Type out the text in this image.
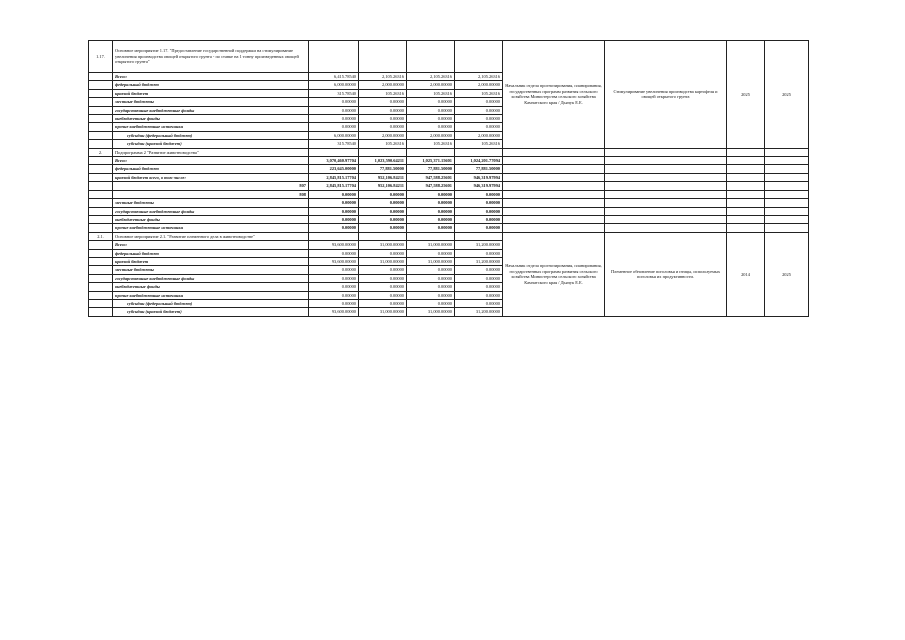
1.17.	Основное мероприятие 1.17. "Предоставление государственной поддержки на стимулирование увеличения производства овощей открытого грунта - по ставке на 1 тонну произведенных овощей открытого грунта"					Начальник отдела прогнозирования, планирования, государственных программ развития сельского хозяйства Министерства сельского хозяйства Камчатского края / Дьячук Е.Е.	Стимулирование увеличения производства картофеля и овощей открытого грунта	2025	2025
	Всего:	6,415.78540	2,105.26316	2,105.26316	2,105.26316				
	федеральный бюджет	6,000.00000	2,000.00000	2,000.00000	2,000.00000				
	краевой бюджет	315.78540	105.26316	105.26316	105.26316				
	местные бюджеты	0.00000	0.00000	0.00000	0.00000				
	государственные внебюджетные фонды	0.00000	0.00000	0.00000	0.00000				
	внебюджетные фонды	0.00000	0.00000	0.00000	0.00000				
	прочие внебюджетные источники	0.00000	0.00000	0.00000	0.00000				
	субсидии (федеральный бюджет)	6,000.00000	2,000.00000	2,000.00000	2,000.00000				
	субсидии (краевой бюджет)	315.78540	105.26316	105.26316	105.26316				
2.	Подпрограмма 2 "Развитие животноводства"								
	Всего:	3,070,460.97704	1,023,590.64211	1,025,371.15601	1,024,201.77094				
	федеральный бюджет	223,645.00000	77,881.50000	77,881.50000	77,881.50000				
	краевой бюджет всего, в том числе:	2,845,815.17704	952,106.84211	947,588.25601	946,319.97994				
	807	2,845,815.17704	952,106.84211	947,588.25601	946,319.97994				
	808	0.00000	0.00000	0.00000	0.00000				
	местные бюджеты	0.00000	0.00000	0.00000	0.00000				
	государственные внебюджетные фонды	0.00000	0.00000	0.00000	0.00000				
	внебюджетные фонды	0.00000	0.00000	0.00000	0.00000				
	прочие внебюджетные источники	0.00000	0.00000	0.00000	0.00000				
2.1.	Основное мероприятие 2.1. "Развитие племенного дела в животноводстве"					Начальник отдела прогнозирования, планирования, государственных программ развития сельского хозяйства Министерства сельского хозяйства Камчатского края / Дьячук Е.Е.	Племенное обновление поголовья и птицы, используемых поголовья их продуктивности.	2014	2025
	Всего:	93,600.00000	31,000.00000	31,000.00000	31,200.00000				
	федеральный бюджет	0.00000	0.00000	0.00000	0.00000				
	краевой бюджет	93,600.00000	31,000.00000	31,000.00000	31,200.00000				
	местные бюджеты	0.00000	0.00000	0.00000	0.00000				
	государственные внебюджетные фонды	0.00000	0.00000	0.00000	0.00000				
	внебюджетные фонды	0.00000	0.00000	0.00000	0.00000				
	прочие внебюджетные источники	0.00000	0.00000	0.00000	0.00000				
	субсидии (федеральный бюджет)	0.00000	0.00000	0.00000	0.00000				
	субсидии (краевой бюджет)	93,600.00000	31,000.00000	31,000.00000	31,200.00000				
